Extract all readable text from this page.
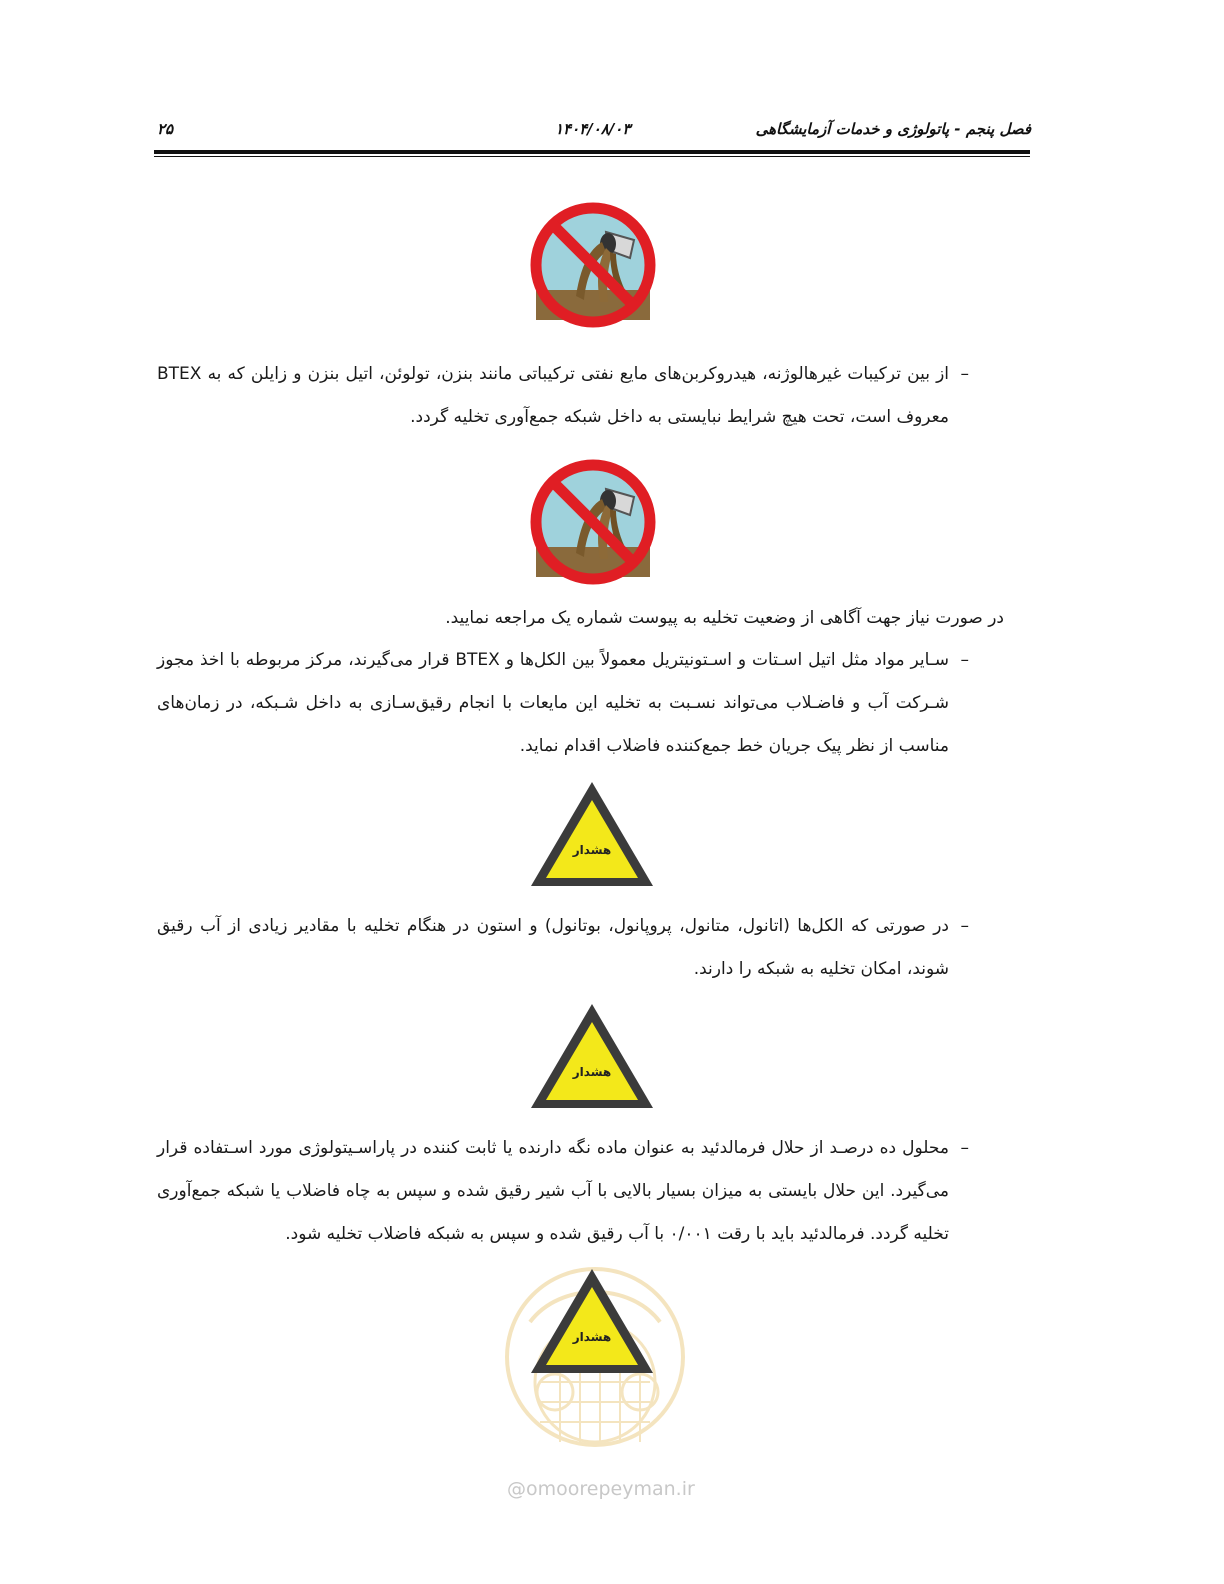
فصل پنجم - پاتولوژی و خدمات آزمایشگاهی
۱۴۰۴/۰۸/۰۳
۲۵
–
از بین ترکیبات غیرهالوژنه، هیدروکربن‌های مایع نفتی ترکیباتی مانند بنزن، تولوئن، اتیل بنزن و زایلن که به BTEX معروف است، تحت هیچ شرایط نبایستی به داخل شبکه جمع‌آوری تخلیه گردد.
در صورت نیاز جهت آگاهی از وضعیت تخلیه به پیوست شماره یک مراجعه نمایید.
–
سـایر مواد مثل اتیل اسـتات و اسـتونیتریل معمولاً بین الکل‌ها و BTEX قرار می‌گیرند، مرکز مربوطه با اخذ مجوز شـرکت آب و فاضـلاب می‌تواند نسـبت به تخلیه این مایعات با انجام رقیق‌سـازی به داخل شـبکه، در زمان‌های مناسب از نظر پیک جریان خط جمع‌کننده فاضلاب اقدام نماید.
هشدار
–
در صورتی که الکل‌ها (اتانول، متانول، پروپانول، بوتانول) و استون در هنگام تخلیه با مقادیر زیادی از آب رقیق شوند، امکان تخلیه به شبکه را دارند.
هشدار
–
محلول ده درصـد از حلال فرمالدئید به عنوان ماده نگه دارنده یا ثابت کننده در پاراسـیتولوژی مورد اسـتفاده قرار می‌گیرد. این حلال بایستی به میزان بسیار بالایی با آب شیر رقیق شده و سپس به چاه فاضلاب یا شبکه جمع‌آوری تخلیه گردد. فرمالدئید باید با رقت ۰/۰۰۱ با آب رقیق شده و سپس به شبکه فاضلاب تخلیه شود.
هشدار
@omoorepeyman.ir
